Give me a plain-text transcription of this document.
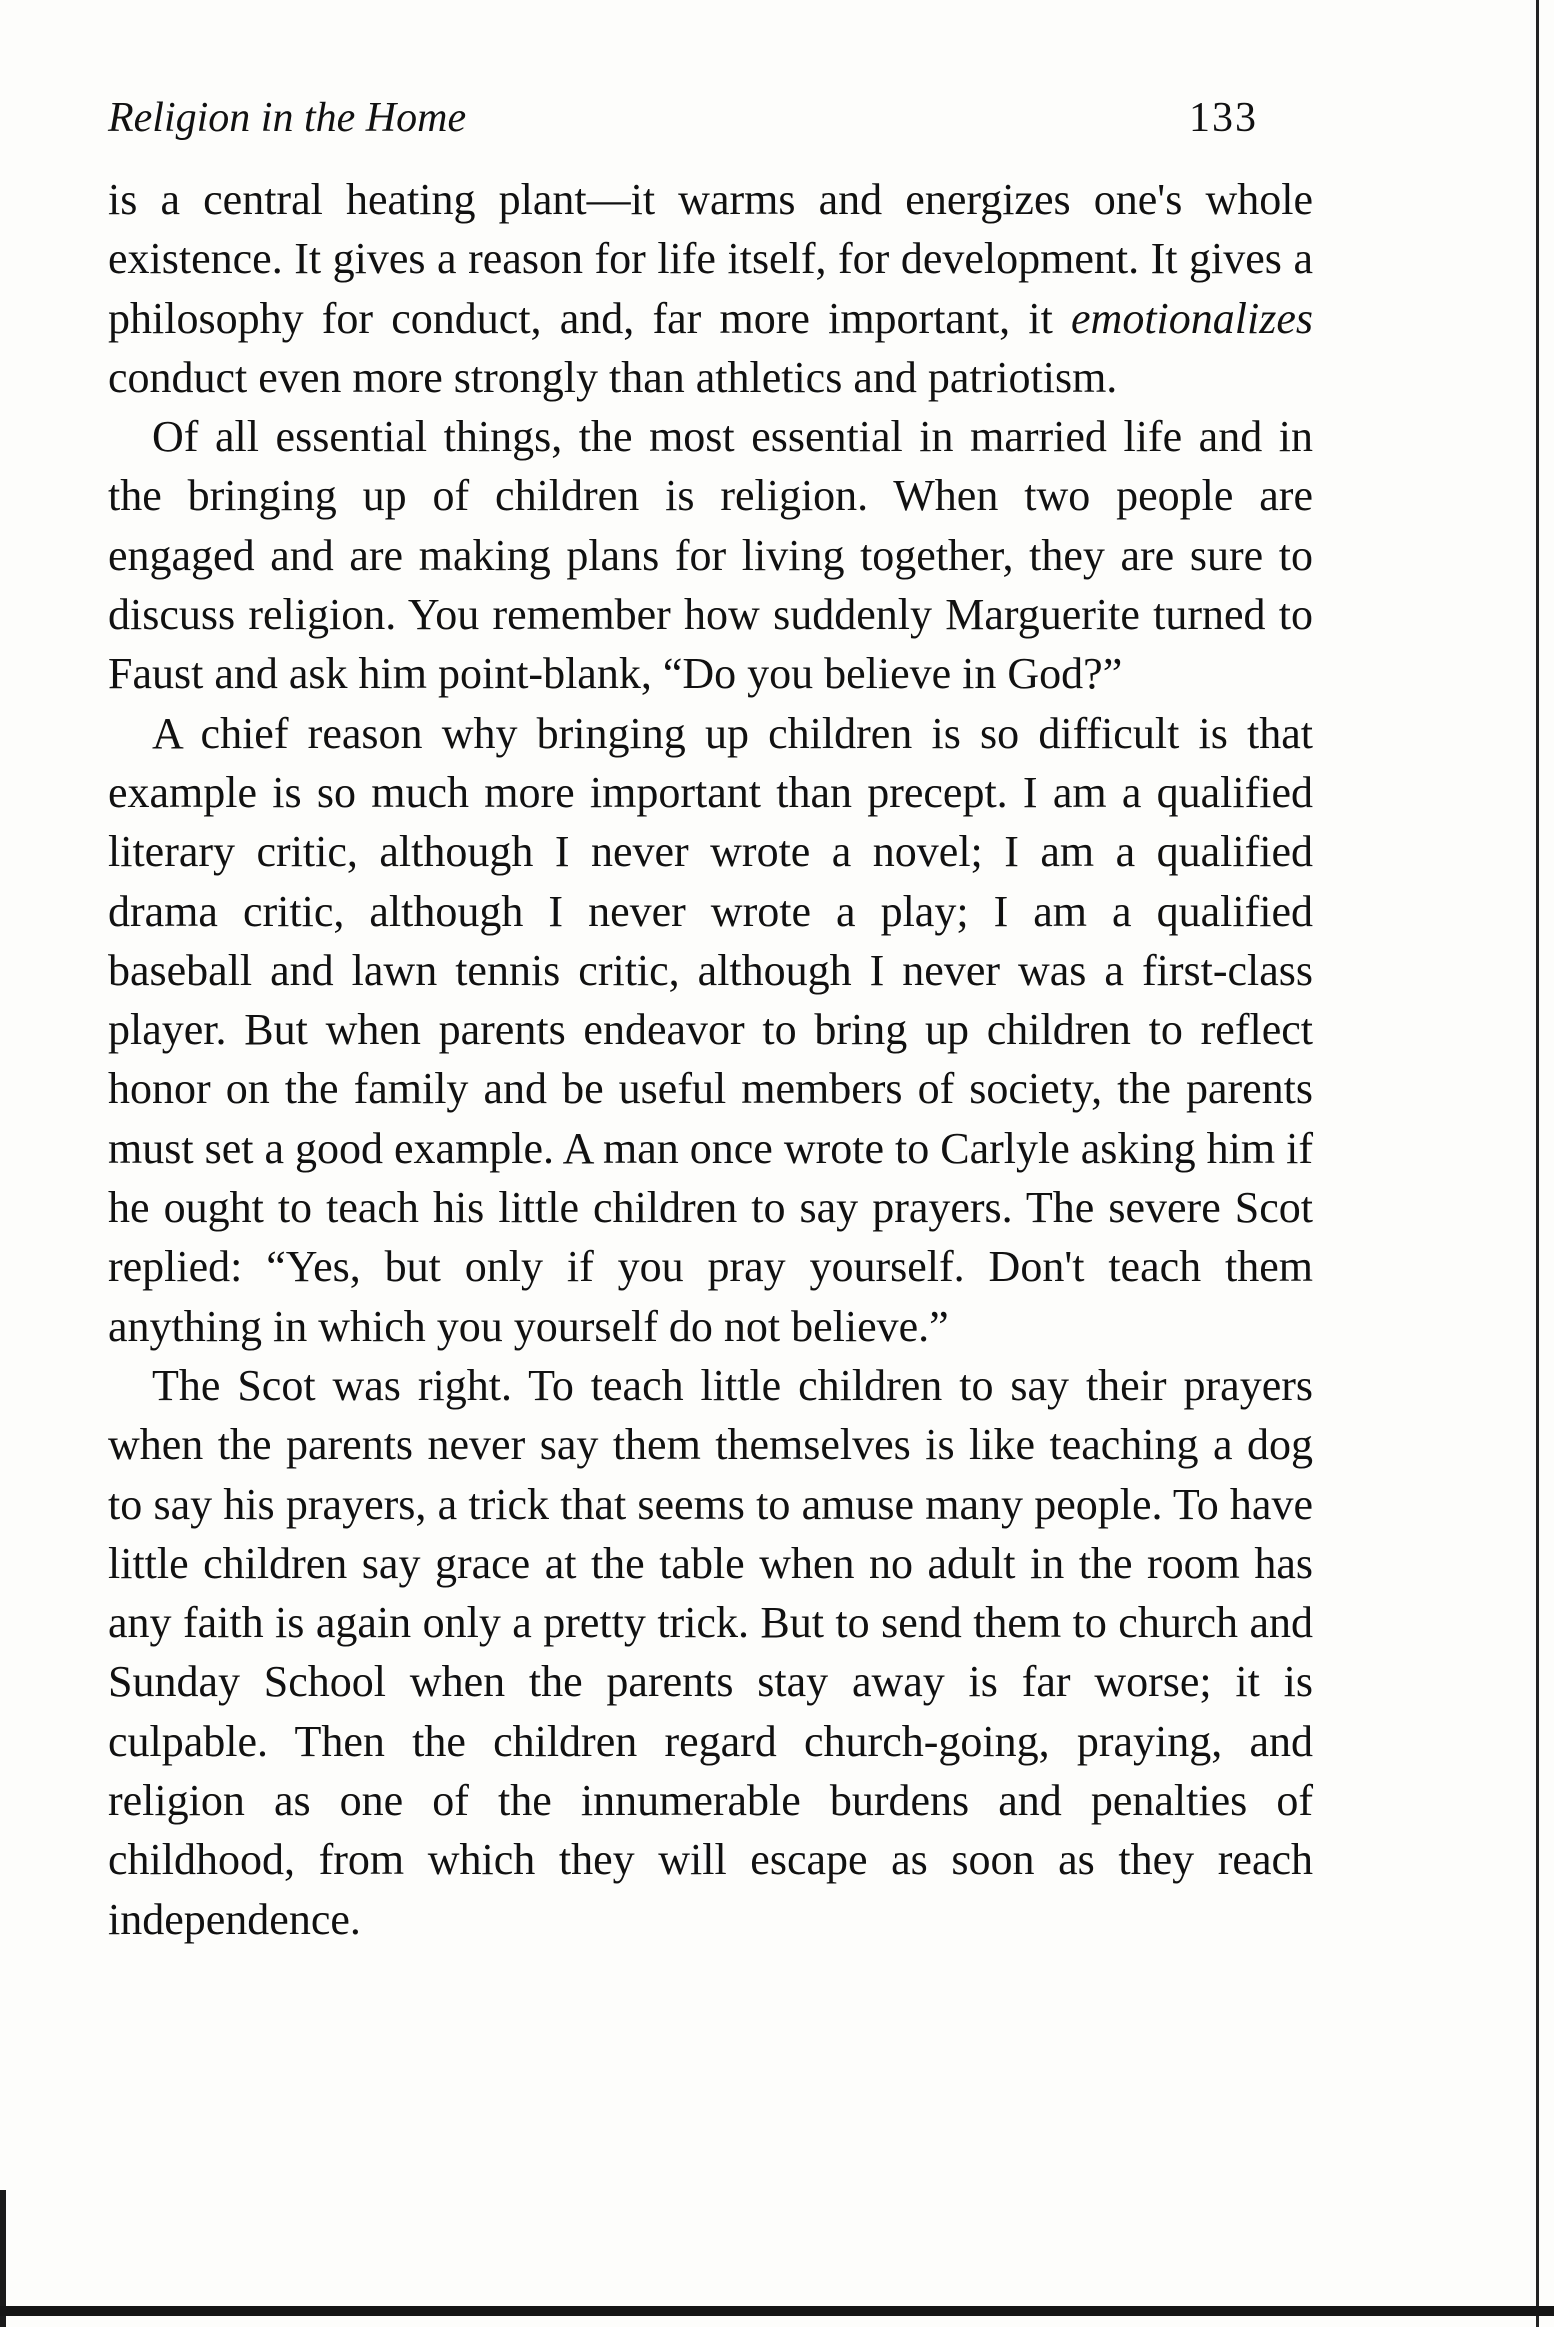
Religion in the Home	133

is a central heating plant—it warms and energizes one's whole existence. It gives a reason for life itself, for development. It gives a philosophy for conduct, and, far more important, it emotionalizes conduct even more strongly than athletics and patriotism.

Of all essential things, the most essential in married life and in the bringing up of children is religion. When two people are engaged and are making plans for living together, they are sure to discuss religion. You remember how suddenly Marguerite turned to Faust and ask him point-blank, “Do you believe in God?”

A chief reason why bringing up children is so difficult is that example is so much more important than precept. I am a qualified literary critic, although I never wrote a novel; I am a qualified drama critic, although I never wrote a play; I am a qualified baseball and lawn tennis critic, although I never was a first-class player. But when parents endeavor to bring up children to reflect honor on the family and be useful members of society, the parents must set a good example. A man once wrote to Carlyle asking him if he ought to teach his little children to say prayers. The severe Scot replied: “Yes, but only if you pray yourself. Don't teach them anything in which you yourself do not believe.”

The Scot was right. To teach little children to say their prayers when the parents never say them themselves is like teaching a dog to say his prayers, a trick that seems to amuse many people. To have little children say grace at the table when no adult in the room has any faith is again only a pretty trick. But to send them to church and Sunday School when the parents stay away is far worse; it is culpable. Then the children regard church-going, praying, and religion as one of the innumerable burdens and penalties of childhood, from which they will escape as soon as they reach independence.
